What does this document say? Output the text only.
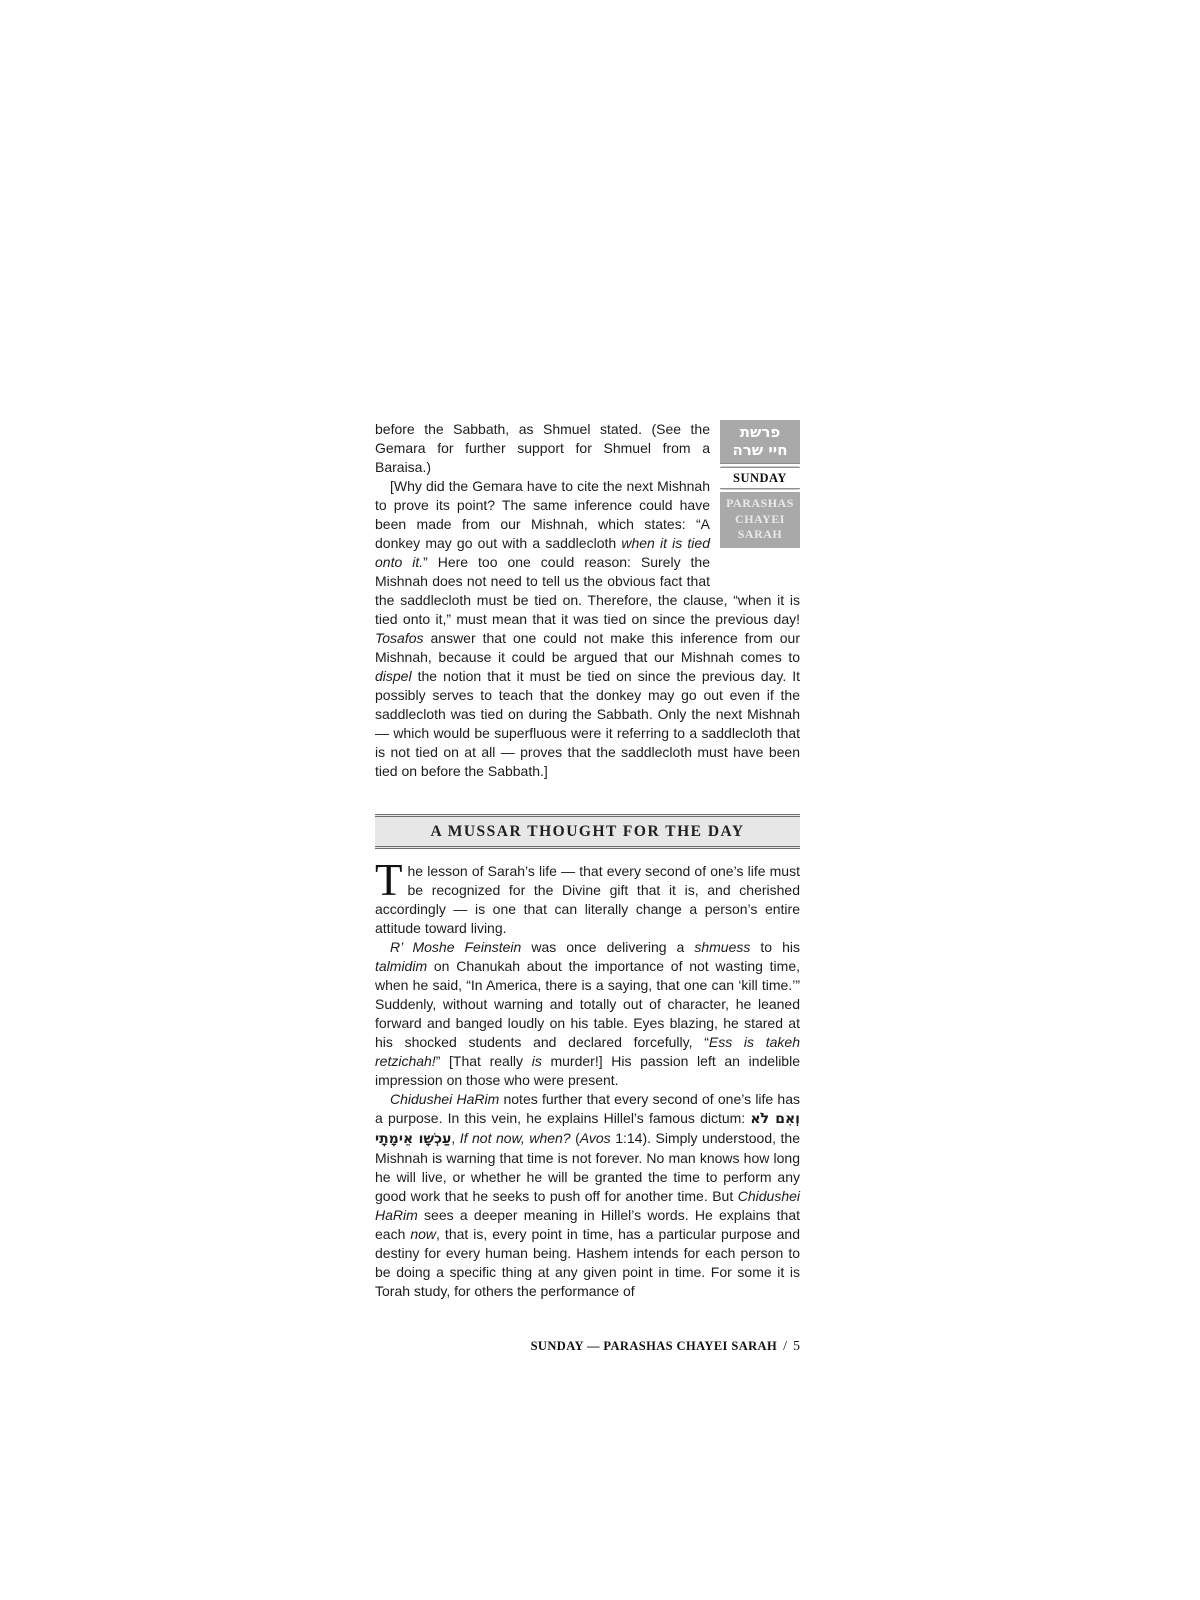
פרשת
חיי שרה
SUNDAY
PARASHAS
CHAYEI
SARAH

before the Sabbath, as Shmuel stated. (See the Gemara for further support for Shmuel from a Baraisa.)

[Why did the Gemara have to cite the next Mishnah to prove its point? The same inference could have been made from our Mishnah, which states: “A donkey may go out with a saddlecloth when it is tied onto it.” Here too one could reason: Surely the Mishnah does not need to tell us the obvious fact that the saddlecloth must be tied on. Therefore, the clause, “when it is tied onto it,” must mean that it was tied on since the previous day! Tosafos answer that one could not make this inference from our Mishnah, because it could be argued that our Mishnah comes to dispel the notion that it must be tied on since the previous day. It possibly serves to teach that the donkey may go out even if the saddlecloth was tied on during the Sabbath. Only the next Mishnah — which would be superfluous were it referring to a saddlecloth that is not tied on at all — proves that the saddlecloth must have been tied on before the Sabbath.]

A MUSSAR THOUGHT FOR THE DAY

The lesson of Sarah’s life — that every second of one’s life must be recognized for the Divine gift that it is, and cherished accordingly — is one that can literally change a person’s entire attitude toward living.

R’ Moshe Feinstein was once delivering a shmuess to his talmidim on Chanukah about the importance of not wasting time, when he said, “In America, there is a saying, that one can ‘kill time.’” Suddenly, without warning and totally out of character, he leaned forward and banged loudly on his table. Eyes blazing, he stared at his shocked students and declared forcefully, “Ess is takeh retzichah!” [That really is murder!] His passion left an indelible impression on those who were present.

Chidushei HaRim notes further that every second of one’s life has a purpose. In this vein, he explains Hillel’s famous dictum: וְאִם לֹא עַכְשָׁו אֵימָתָי, If not now, when? (Avos 1:14). Simply understood, the Mishnah is warning that time is not forever. No man knows how long he will live, or whether he will be granted the time to perform any good work that he seeks to push off for another time. But Chidushei HaRim sees a deeper meaning in Hillel’s words. He explains that each now, that is, every point in time, has a particular purpose and destiny for every human being. Hashem intends for each person to be doing a specific thing at any given point in time. For some it is Torah study, for others the performance of

SUNDAY — PARASHAS CHAYEI SARAH / 5
